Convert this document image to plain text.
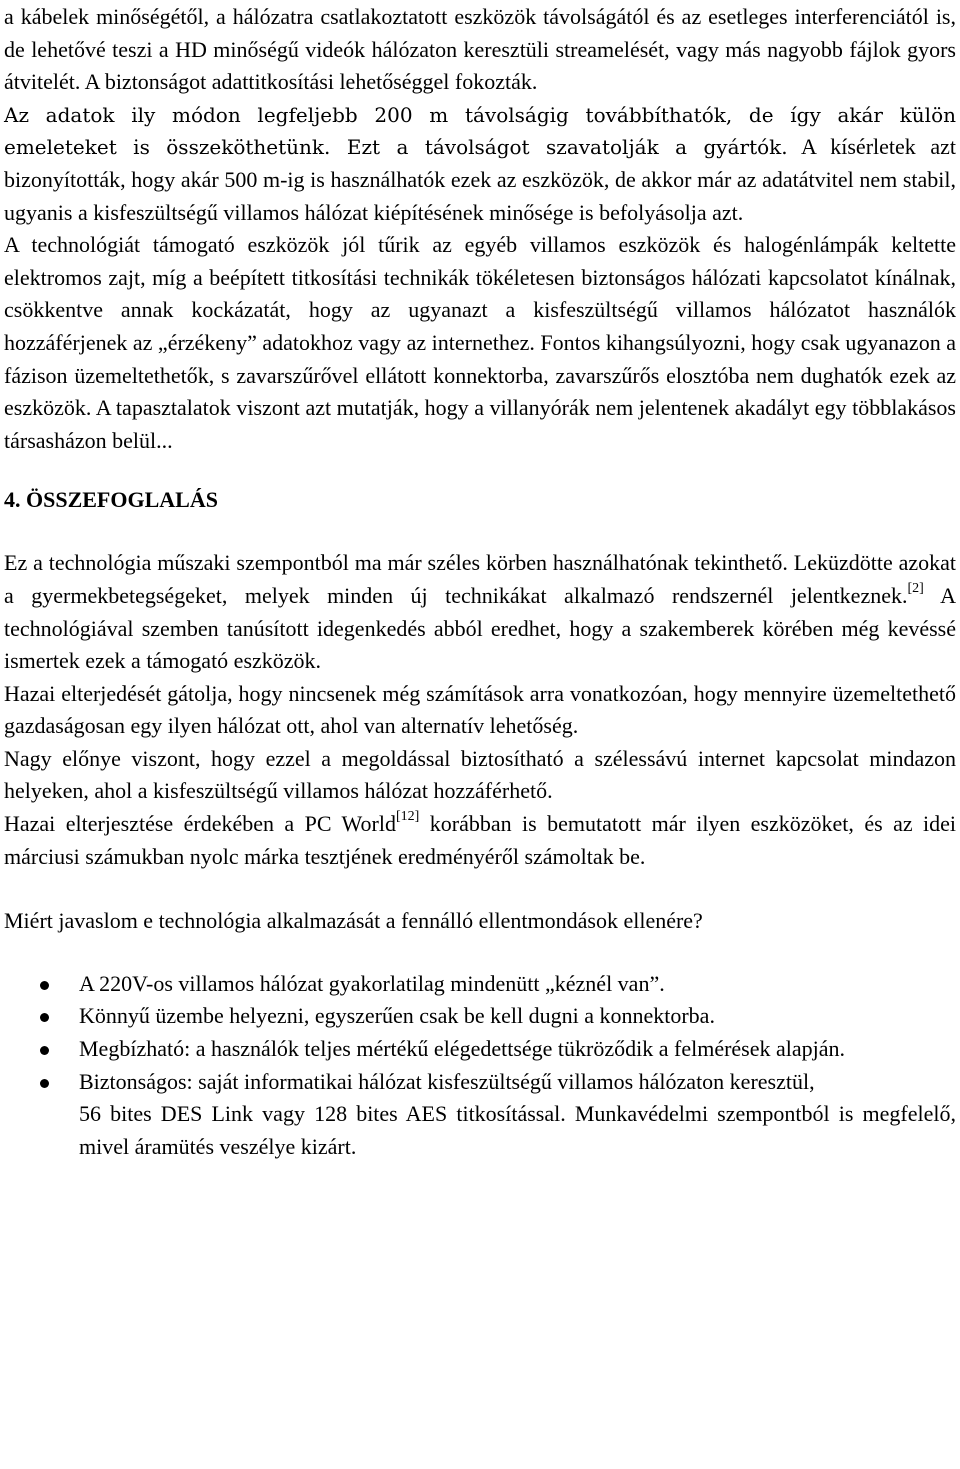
a kábelek minőségétől, a hálózatra csatlakoztatott eszközök távolságától és az esetleges interferenciától is, de lehetővé teszi a HD minőségű videók hálózaton keresztüli streamelését, vagy más nagyobb fájlok gyors átvitelét. A biztonságot adattitkosítási lehetőséggel fokozták.
Az adatok ily módon legfeljebb 200 m távolságig továbbíthatók, de így akár külön emeleteket is összeköthetünk. Ezt a távolságot szavatolják a gyártók. A kísérletek azt bizonyították, hogy akár 500 m-ig is használhatók ezek az eszközök, de akkor már az adatátvitel nem stabil, ugyanis a kisfeszültségű villamos hálózat kiépítésének minősége is befolyásolja azt.

A technológiát támogató eszközök jól tűrik az egyéb villamos eszközök és halogénlámpák keltette elektromos zajt, míg a beépített titkosítási technikák tökéletesen biztonságos hálózati kapcsolatot kínálnak, csökkentve annak kockázatát, hogy az ugyanazt a kisfeszültségű villamos hálózatot használók hozzáférjenek az „érzékeny” adatokhoz vagy az internethez. Fontos kihangsúlyozni, hogy csak ugyanazon a fázison üzemeltethetők, s zavarszűrővel ellátott konnektorba, zavarszűrős elosztóba nem dughatók ezek az eszközök. A tapasztalatok viszont azt mutatják, hogy a villanyórák nem jelentenek akadályt egy többlakásos társasházon belül...

4. ÖSSZEFOGLALÁS

Ez a technológia műszaki szempontból ma már széles körben használhatónak tekinthető. Leküzdötte azokat a gyermekbetegségeket, melyek minden új technikákat alkalmazó rendszernél jelentkeznek.[2] A technológiával szemben tanúsított idegenkedés abból eredhet, hogy a szakemberek körében még kevéssé ismertek ezek a támogató eszközök.

Hazai elterjedését gátolja, hogy nincsenek még számítások arra vonatkozóan, hogy mennyire üzemeltethető gazdaságosan egy ilyen hálózat ott, ahol van alternatív lehetőség.

Nagy előnye viszont, hogy ezzel a megoldással biztosítható a szélessávú internet kapcsolat mindazon helyeken, ahol a kisfeszültségű villamos hálózat hozzáférhető.

Hazai elterjesztése érdekében a PC World[12] korábban is bemutatott már ilyen eszközöket, és az idei márciusi számukban nyolc márka tesztjének eredményéről számoltak be.

Miért javaslom e technológia alkalmazását a fennálló ellentmondások ellenére?

A 220V-os villamos hálózat gyakorlatilag mindenütt „kéznél van”.
Könnyű üzembe helyezni, egyszerűen csak be kell dugni a konnektorba.
Megbízható: a használók teljes mértékű elégedettsége tükröződik a felmérések alapján.
Biztonságos: saját informatikai hálózat kisfeszültségű villamos hálózaton keresztül,
56 bites DES Link vagy 128 bites AES titkosítással. Munkavédelmi szempontból is megfelelő, mivel áramütés veszélye kizárt.
